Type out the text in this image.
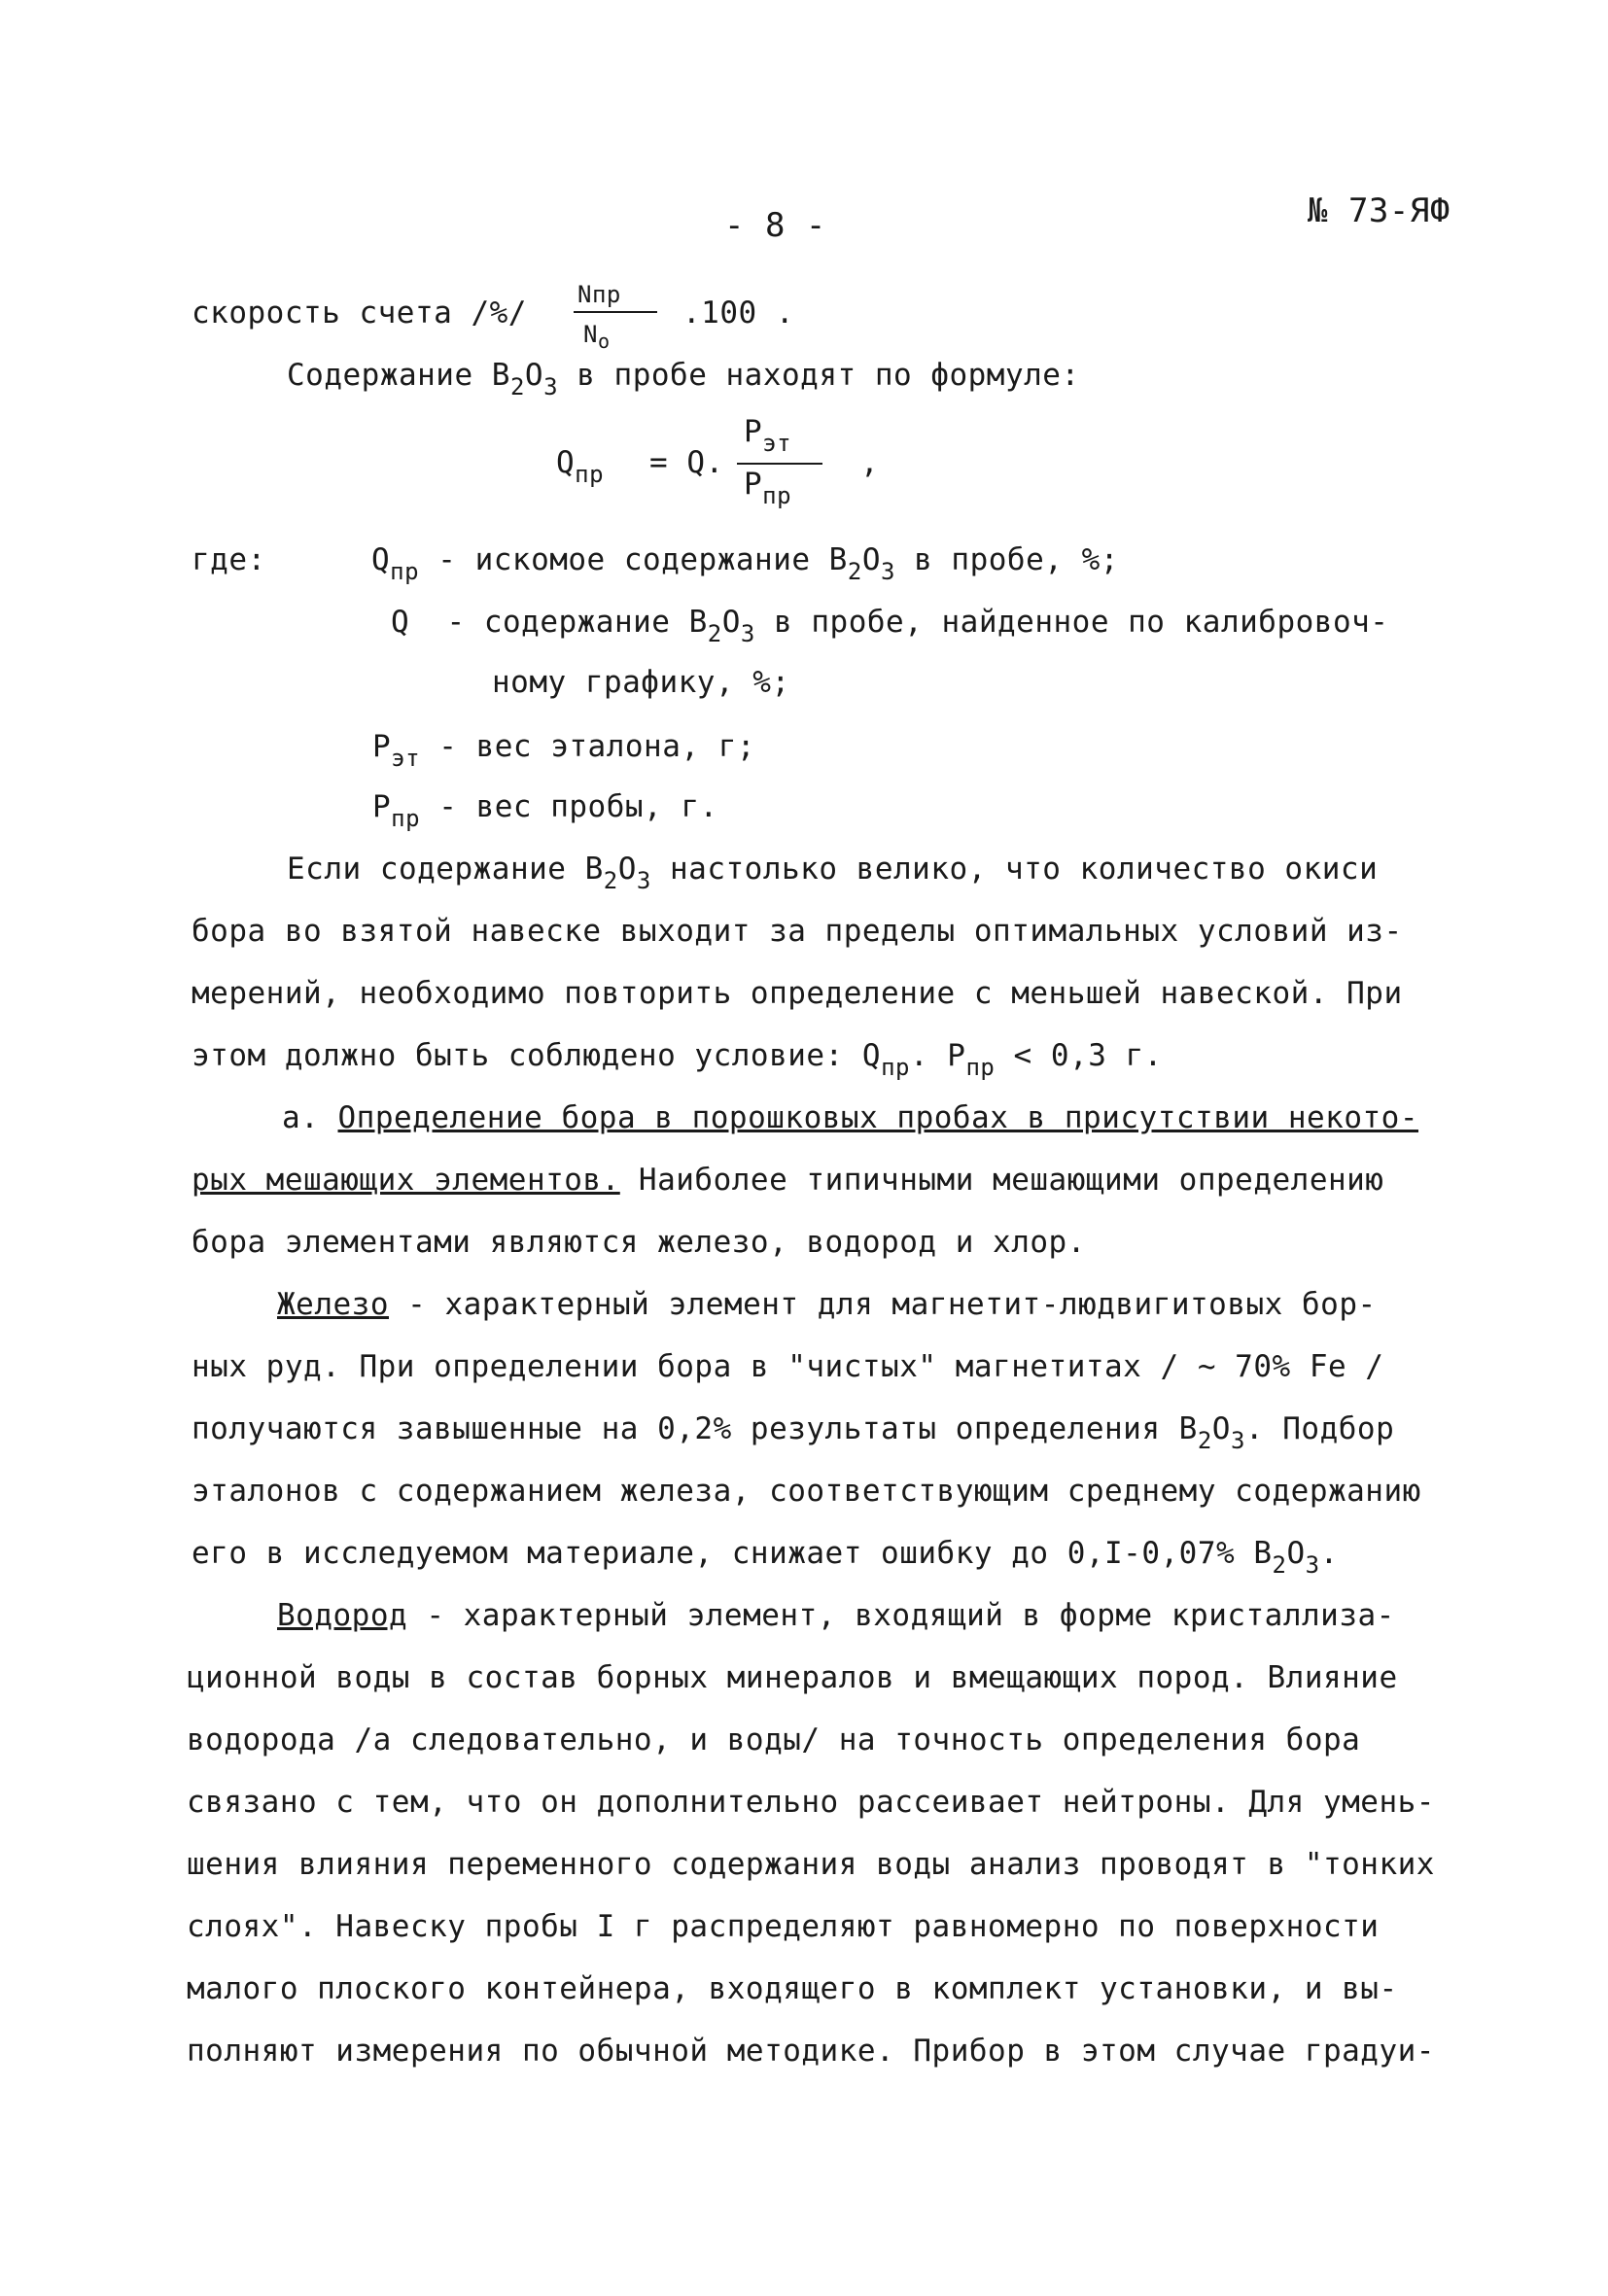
- 8 -	№ 73-ЯФ
скорость счета /%/
Nпр
$N_о$
.100 .
Содержание $B_2O_3$ в пробе находят по формуле:
$Q_{пр} = Q$.
$P_{эт}$
$P_{пр}$
,
где:	$Q_{пр}$ - искомое содержание $B_2O_3$ в пробе, %;
Q - содержание $B_2O_3$ в пробе, найденное по калибровоч-
ному графику, %;
$P_{эт}$ - вес эталона, г;
$P_{пр}$ - вес пробы, г.
Если содержание $B_2O_3$ настолько велико, что количество окиси
бора во взятой навеске выходит за пределы оптимальных условий из-
мерений, необходимо повторить определение с меньшей навеской. При
этом должно быть соблюдено условие: $Q_{пр}$. $P_{пр} < 0,3$ г.
а. Определение бора в порошковых пробах в присутствии некото-
рых мешающих элементов. Наиболее типичными мешающими определению
бора элементами являются железо, водород и хлор.
Железо - характерный элемент для магнетит-людвигитовых бор-
ных руд. При определении бора в "чистых" магнетитах / ~ 70% Fe /
получаются завышенные на 0,2% результаты определения $B_2O_3$. Подбор
эталонов с содержанием железа, соответствующим среднему содержанию
его в исследуемом материале, снижает ошибку до 0,I-0,07% $B_2O_3$.
Водород - характерный элемент, входящий в форме кристаллиза-
ционной воды в состав борных минералов и вмещающих пород. Влияние
водорода /а следовательно, и воды/ на точность определения бора
связано с тем, что он дополнительно рассеивает нейтроны. Для умень-
шения влияния переменного содержания воды анализ проводят в "тонких
слоях". Навеску пробы I г распределяют равномерно по поверхности
малого плоского контейнера, входящего в комплект установки, и вы-
полняют измерения по обычной методике. Прибор в этом случае градуи-
